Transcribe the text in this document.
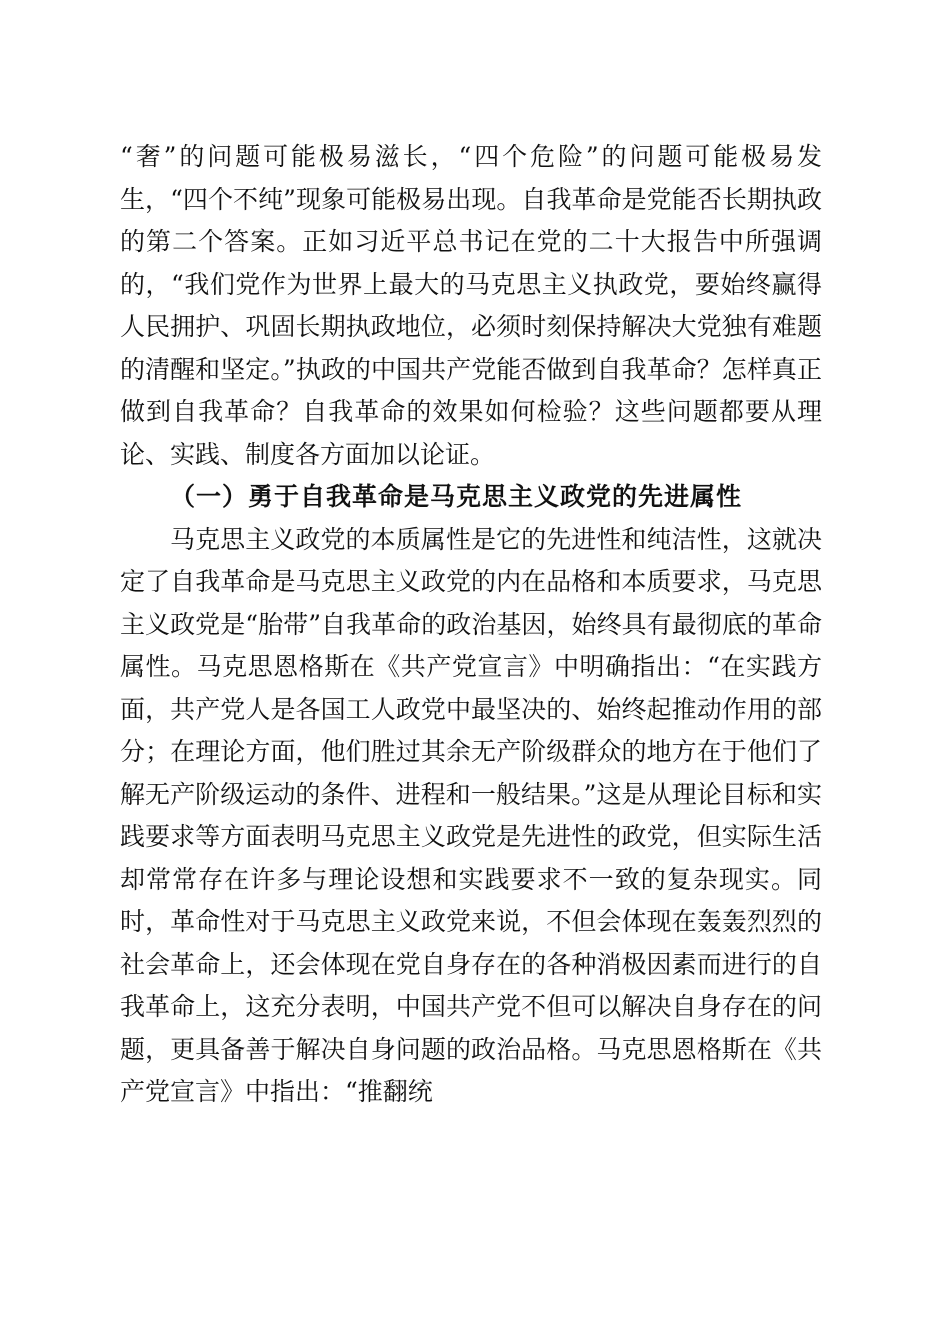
“奢”的问题可能极易滋长，“四个危险”的问题可能极易发生，“四个不纯”现象可能极易出现。自我革命是党能否长期执政的第二个答案。正如习近平总书记在党的二十大报告中所强调的，“我们党作为世界上最大的马克思主义执政党，要始终赢得人民拥护、巩固长期执政地位，必须时刻保持解决大党独有难题的清醒和坚定。”执政的中国共产党能否做到自我革命？怎样真正做到自我革命？自我革命的效果如何检验？这些问题都要从理论、实践、制度各方面加以论证。

（一）勇于自我革命是马克思主义政党的先进属性

马克思主义政党的本质属性是它的先进性和纯洁性，这就决定了自我革命是马克思主义政党的内在品格和本质要求，马克思主义政党是“胎带”自我革命的政治基因，始终具有最彻底的革命属性。马克思恩格斯在《共产党宣言》中明确指出：“在实践方面，共产党人是各国工人政党中最坚决的、始终起推动作用的部分；在理论方面，他们胜过其余无产阶级群众的地方在于他们了解无产阶级运动的条件、进程和一般结果。”这是从理论目标和实践要求等方面表明马克思主义政党是先进性的政党，但实际生活却常常存在许多与理论设想和实践要求不一致的复杂现实。同时，革命性对于马克思主义政党来说，不但会体现在轰轰烈烈的社会革命上，还会体现在党自身存在的各种消极因素而进行的自我革命上，这充分表明，中国共产党不但可以解决自身存在的问题，更具备善于解决自身问题的政治品格。马克思恩格斯在《共产党宣言》中指出：“推翻统
